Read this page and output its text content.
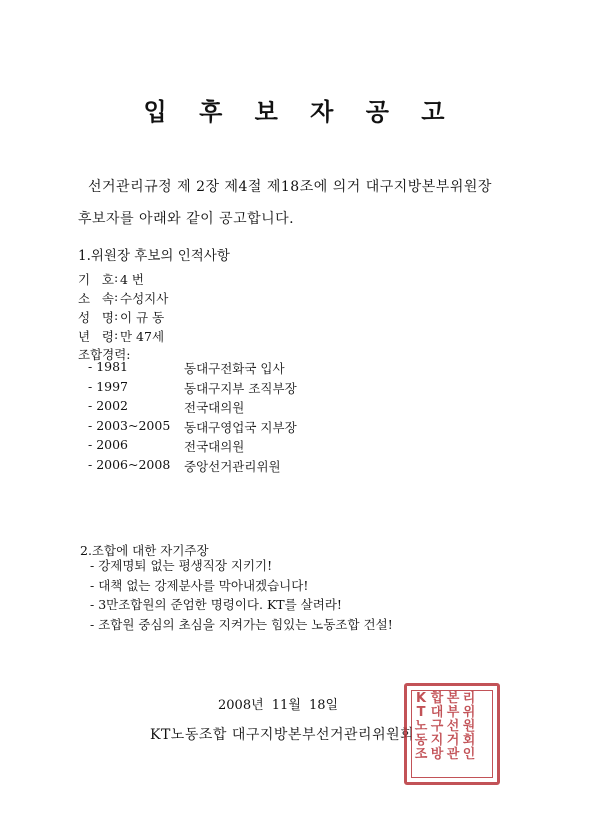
입 후 보 자 공 고
선거관리규정 제 2장 제4절 제18조에 의거 대구지방본부위원장
후보자를 아래와 같이 공고합니다.
1.위원장 후보의 인적사항
기 호 : 4 번
소 속 : 수성지사
성 명 : 이 규 동
년 령 : 만 47세
조합경력:
- 1981	동대구전화국 입사
- 1997	동대구지부 조직부장
- 2002	전국대의원
- 2003~2005	동대구영업국 지부장
- 2006	전국대의원
- 2006~2008	중앙선거관리위원
2.조합에 대한 자기주장
- 강제명퇴 없는 평생직장 지키기!
- 대책 없는 강제분사를 막아내겠습니다!
- 3만조합원의 준엄한 명령이다. KT를 살려라!
- 조합원 중심의 초심을 지켜가는 힘있는 노동조합 건설!
2008년 11월 18일
KT노동조합 대구지방본부선거관리위원회
K
T
노
동
조
합
대
구
지
방
본
부
선
거
관
리
위
원
회
인
